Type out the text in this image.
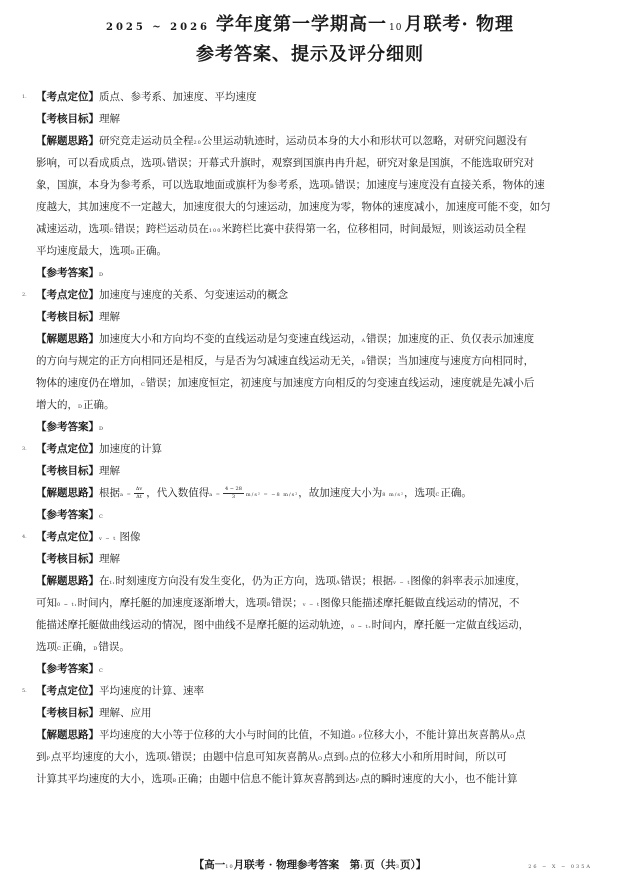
2025 ~ 2026 学年度第一学期高一 10 月联考· 物理
参考答案、提示及评分细则
1. 【考点定位】质点、参考系、加速度、平均速度
【考核目标】理解
【解题思路】研究竞走运动员全程20公里运动轨迹时，运动员本身的大小和形状可以忽略，对研究问题没有
影响，可以看成质点，选项A错误；开幕式升旗时，观察到国旗冉冉升起，研究对象是国旗，不能选取研究对
象，国旗，本身为参考系，可以选取地面或旗杆为参考系，选项B错误；加速度与速度没有直接关系，物体的速
度越大，其加速度不一定越大，加速度很大的匀速运动，加速度为零，物体的速度减小，加速度可能不变，如匀
减速运动，选项C错误；跨栏运动员在100米跨栏比赛中获得第一名，位移相同，时间最短，则该运动员全程
平均速度最大，选项D正确。
【参考答案】D
2. 【考点定位】加速度与速度的关系、匀变速运动的概念
【考核目标】理解
【解题思路】加速度大小和方向均不变的直线运动是匀变速直线运动，A错误；加速度的正、负仅表示加速度
的方向与规定的正方向相同还是相反，与是否为匀减速直线运动无关，B错误；当加速度与速度方向相同时，
物体的速度仍在增加，C错误；加速度恒定，初速度与加速度方向相反的匀变速直线运动，速度就是先减小后
增大的，D正确。
【参考答案】D
3. 【考点定位】加速度的计算
【考核目标】理解
【解题思路】根据$a = \frac{\Delta v}{\Delta t}$ ，代入数值得$a = \frac{4 - 28}{3} m/s^2 = -8$ m/s²，故加速度大小为8 m/s²，选项C正确。
【参考答案】C
4. 【考点定位】v − t 图像
【考核目标】理解
【解题思路】在t₁时刻速度方向没有发生变化，仍为正方向，选项A错误；根据v − t图像的斜率表示加速度，
可知0 ~ t₁时间内，摩托艇的加速度逐渐增大，选项B错误；v − t图像只能描述摩托艇做直线运动的情况，不
能描述摩托艇做曲线运动的情况，图中曲线不是摩托艇的运动轨迹，0 ~ t₂时间内，摩托艇一定做直线运动，
选项C正确，D错误。
【参考答案】C
5. 【考点定位】平均速度的计算、速率
【考核目标】理解、应用
【解题思路】平均速度的大小等于位移的大小与时间的比值，不知道O P位移大小，不能计算出灰喜鹊从O点
到P点平均速度的大小，选项A错误；由题中信息可知灰喜鹊从O点到Q点的位移大小和所用时间，所以可
计算其平均速度的大小，选项B正确；由题中信息不能计算灰喜鹊到达P点的瞬时速度的大小，也不能计算
【高一10月联考 · 物理参考答案　第1页（共3页）】	26 − X − 035A
